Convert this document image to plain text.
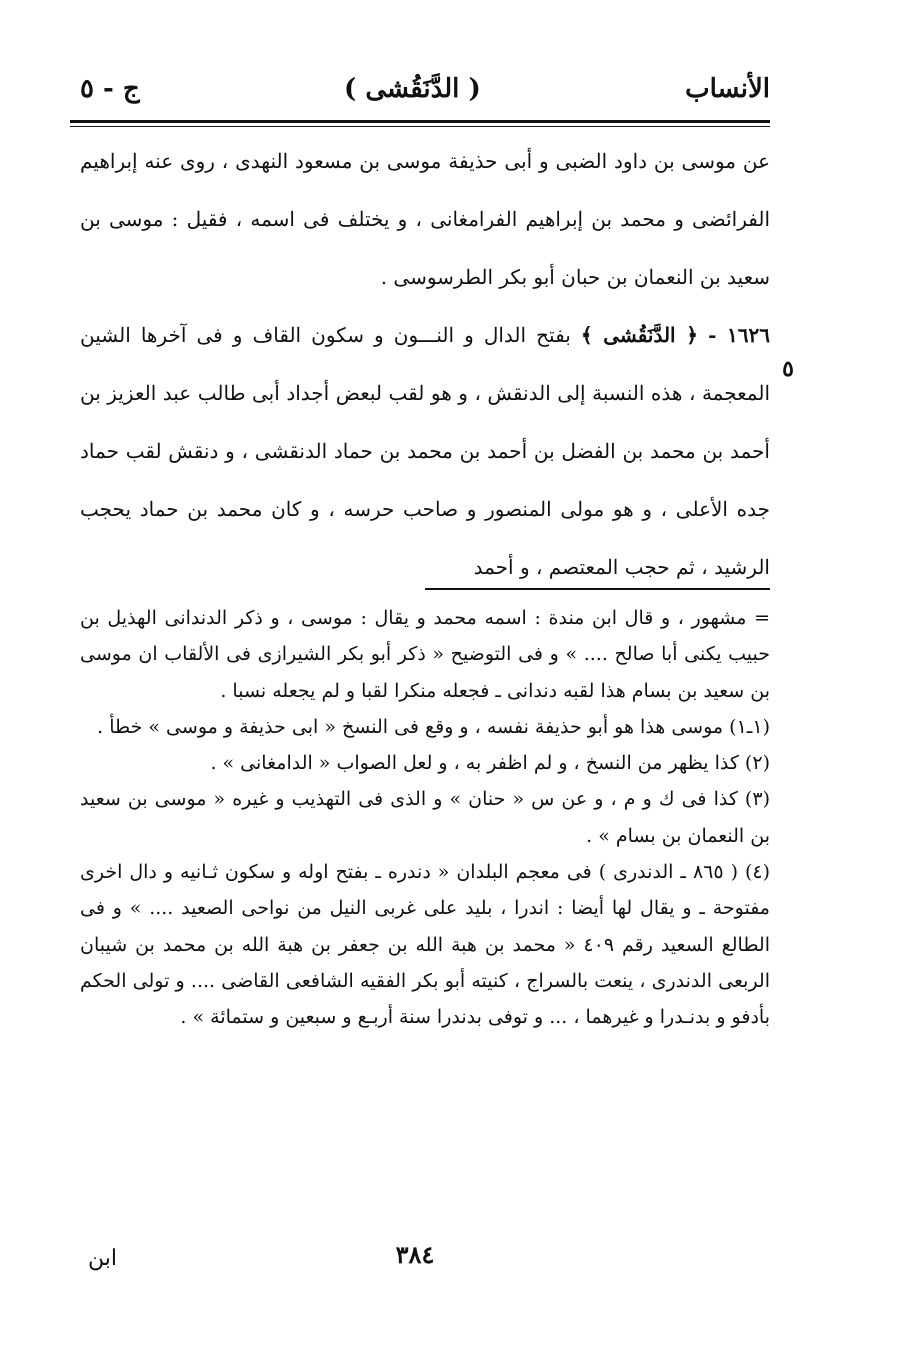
ج - ٥	( الدَّنَقُشى )	الأنساب

عن موسى بن داود الضبى و أبى حذيفة موسى بن مسعود النهدى ، روى عنه إبراهيم الفرائضى و محمد بن إبراهيم الفرامغانى ، و يختلف فى اسمه ، فقيل : موسى بن سعيد بن النعمان بن حبان أبو بكر الطرسوسى .

١٦٢٦ - ﴿ الدَّنَقُشى ﴾ بفتح الدال و النـــون و سكون القاف و فى آخرها الشين المعجمة ، هذه النسبة إلى الدنقش ، و هو لقب لبعض أجداد أبى طالب عبد العزيز بن أحمد بن محمد بن الفضل بن أحمد بن محمد بن حماد الدنقشى ، و دنقش لقب حماد جده الأعلى ، و هو مولى المنصور و صاحب حرسه ، و كان محمد بن حماد يحجب الرشيد ، ثم حجب المعتصم ، و أحمد

٥

= مشهور ، و قال ابن مندة : اسمه محمد و يقال : موسى ، و ذكر الدندانى الهذيل بن حبيب يكنى أبا صالح .... » و فى التوضيح « ذكر أبو بكر الشيرازى فى الألقاب ان موسى بن سعيد بن بسام هذا لقبه دندانى ـ فجعله منكرا لقبا و لم يجعله نسبا .

(١ـ١) موسى هذا هو أبو حذيفة نفسه ، و وقع فى النسخ « ابى حذيفة و موسى » خطأ .

(٢) كذا يظهر من النسخ ، و لم اظفر به ، و لعل الصواب « الدامغانى » .

(٣) كذا فى ك و م ، و عن س « حنان » و الذى فى التهذيب و غيره « موسى بن سعيد بن النعمان بن بسام » .

(٤) ( ٨٦٥ ـ الدندرى ) فى معجم البلدان « دندره ـ بفتح اوله و سكون ثـانيه و دال اخرى مفتوحة ـ و يقال لها أيضا : اندرا ، بليد على غربى النيل من نواحى الصعيد .... » و فى الطالع السعيد رقم ٤٠٩ « محمد بن هبة الله بن جعفر بن هبة الله بن محمد بن شيبان الربعى الدندرى ، ينعت بالسراج ، كنيته أبو بكر الفقيه الشافعى القاضى .... و تولى الحكم بأدفو و بدنـدرا و غيرهما ، ... و توفى بدندرا سنة أربـع و سبعين و ستمائة » .

٣٨٤
ابن
